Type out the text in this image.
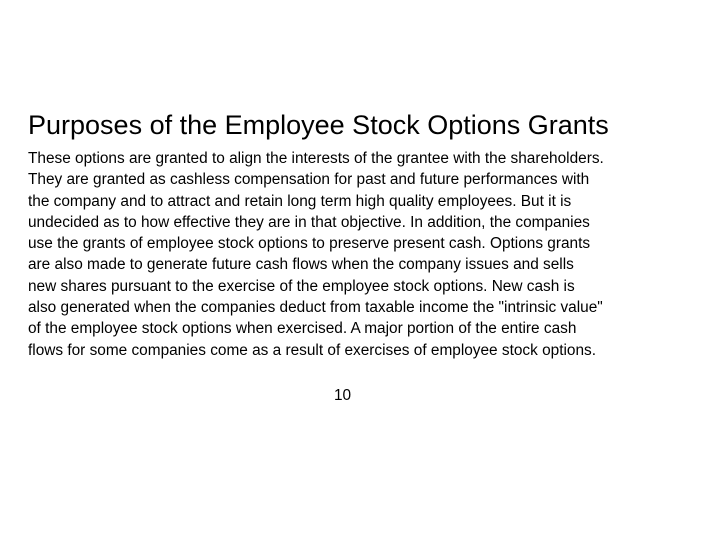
Purposes of the Employee Stock Options Grants
These options are granted to align the interests of the grantee with the shareholders.
They are granted as cashless compensation for past and future performances with
the company and to attract and retain long term high quality employees. But it is
undecided as to how effective they are in that objective. In addition, the companies
use the grants of employee stock options to preserve present cash. Options grants
are also made to generate future cash flows when the company issues and sells
new shares pursuant to the exercise of the employee stock options. New cash is
also generated when the companies deduct from taxable income the "intrinsic value"
of the employee stock options when exercised. A major portion of the entire cash
flows for some companies come as a result of exercises of employee stock options.
10
